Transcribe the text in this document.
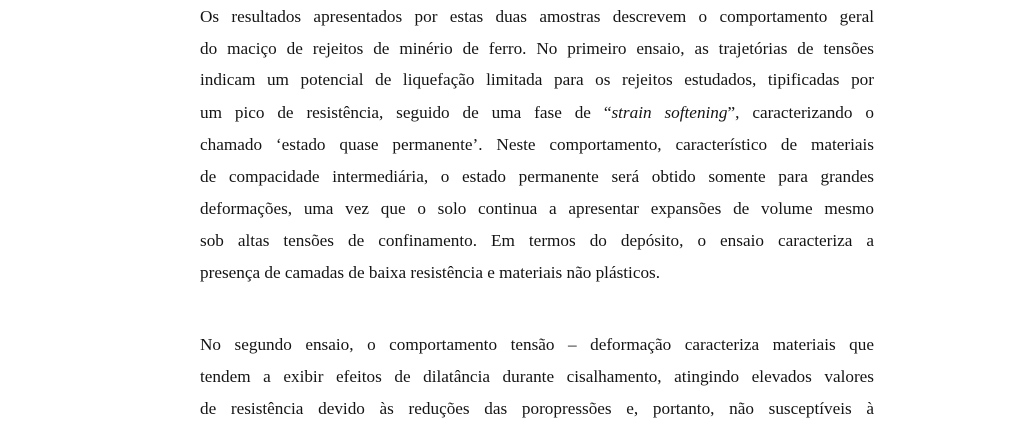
Os resultados apresentados por estas duas amostras descrevem o comportamento geral
do maciço de rejeitos de minério de ferro. No primeiro ensaio, as trajetórias de tensões
indicam um potencial de liquefação limitada para os rejeitos estudados, tipificadas por
um pico de resistência, seguido de uma fase de “strain softening”, caracterizando o
chamado ‘estado quase permanente’. Neste comportamento, característico de materiais
de compacidade intermediária, o estado permanente será obtido somente para grandes
deformações, uma vez que o solo continua a apresentar expansões de volume mesmo
sob altas tensões de confinamento. Em termos do depósito, o ensaio caracteriza a
presença de camadas de baixa resistência e materiais não plásticos.
No segundo ensaio, o comportamento tensão – deformação caracteriza materiais que
tendem a exibir efeitos de dilatância durante cisalhamento, atingindo elevados valores
de resistência devido às reduções das poropressões e, portanto, não susceptíveis à
